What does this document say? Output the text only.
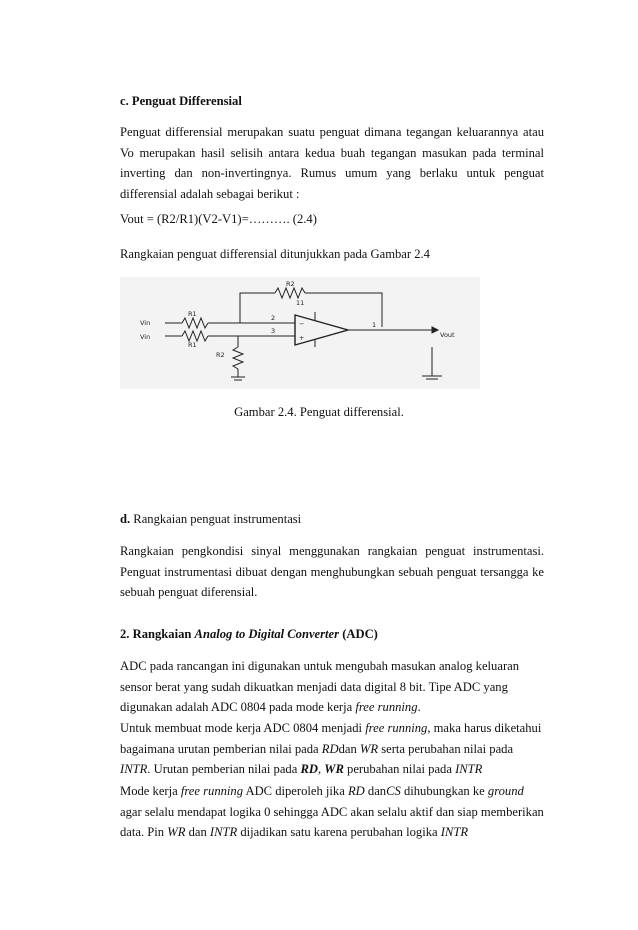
c. Penguat Differensial
Penguat differensial merupakan suatu penguat dimana tegangan keluarannya atau Vo merupakan hasil selisih antara kedua buah tegangan masukan pada terminal inverting dan non-invertingnya. Rumus umum yang berlaku untuk penguat differensial adalah sebagai berikut :
Vout = (R2/R1)(V2-V1)=………. (2.4)
Rangkaian penguat differensial ditunjukkan pada Gambar 2.4
R2
11
R1
R1
R2
Vin
Vin	Vout
2
3
1
−
+
Gambar 2.4. Penguat differensial.
d. Rangkaian penguat instrumentasi
Rangkaian pengkondisi sinyal menggunakan rangkaian penguat instrumentasi. Penguat instrumentasi dibuat dengan menghubungkan sebuah penguat tersangga ke sebuah penguat diferensial.
2. Rangkaian Analog to Digital Converter (ADC)
ADC pada rancangan ini digunakan untuk mengubah masukan analog keluaran sensor berat yang sudah dikuatkan menjadi data digital 8 bit. Tipe ADC yang digunakan adalah ADC 0804 pada mode kerja free running.
Untuk membuat mode kerja ADC 0804 menjadi free running, maka harus diketahui bagaimana urutan pemberian nilai pada RDdan WR serta perubahan nilai pada INTR. Urutan pemberian nilai pada RD, WR perubahan nilai pada INTR
Mode kerja free running ADC diperoleh jika RD danCS dihubungkan ke ground agar selalu mendapat logika 0 sehingga ADC akan selalu aktif dan siap memberikan data. Pin WR dan INTR dijadikan satu karena perubahan logika INTR
